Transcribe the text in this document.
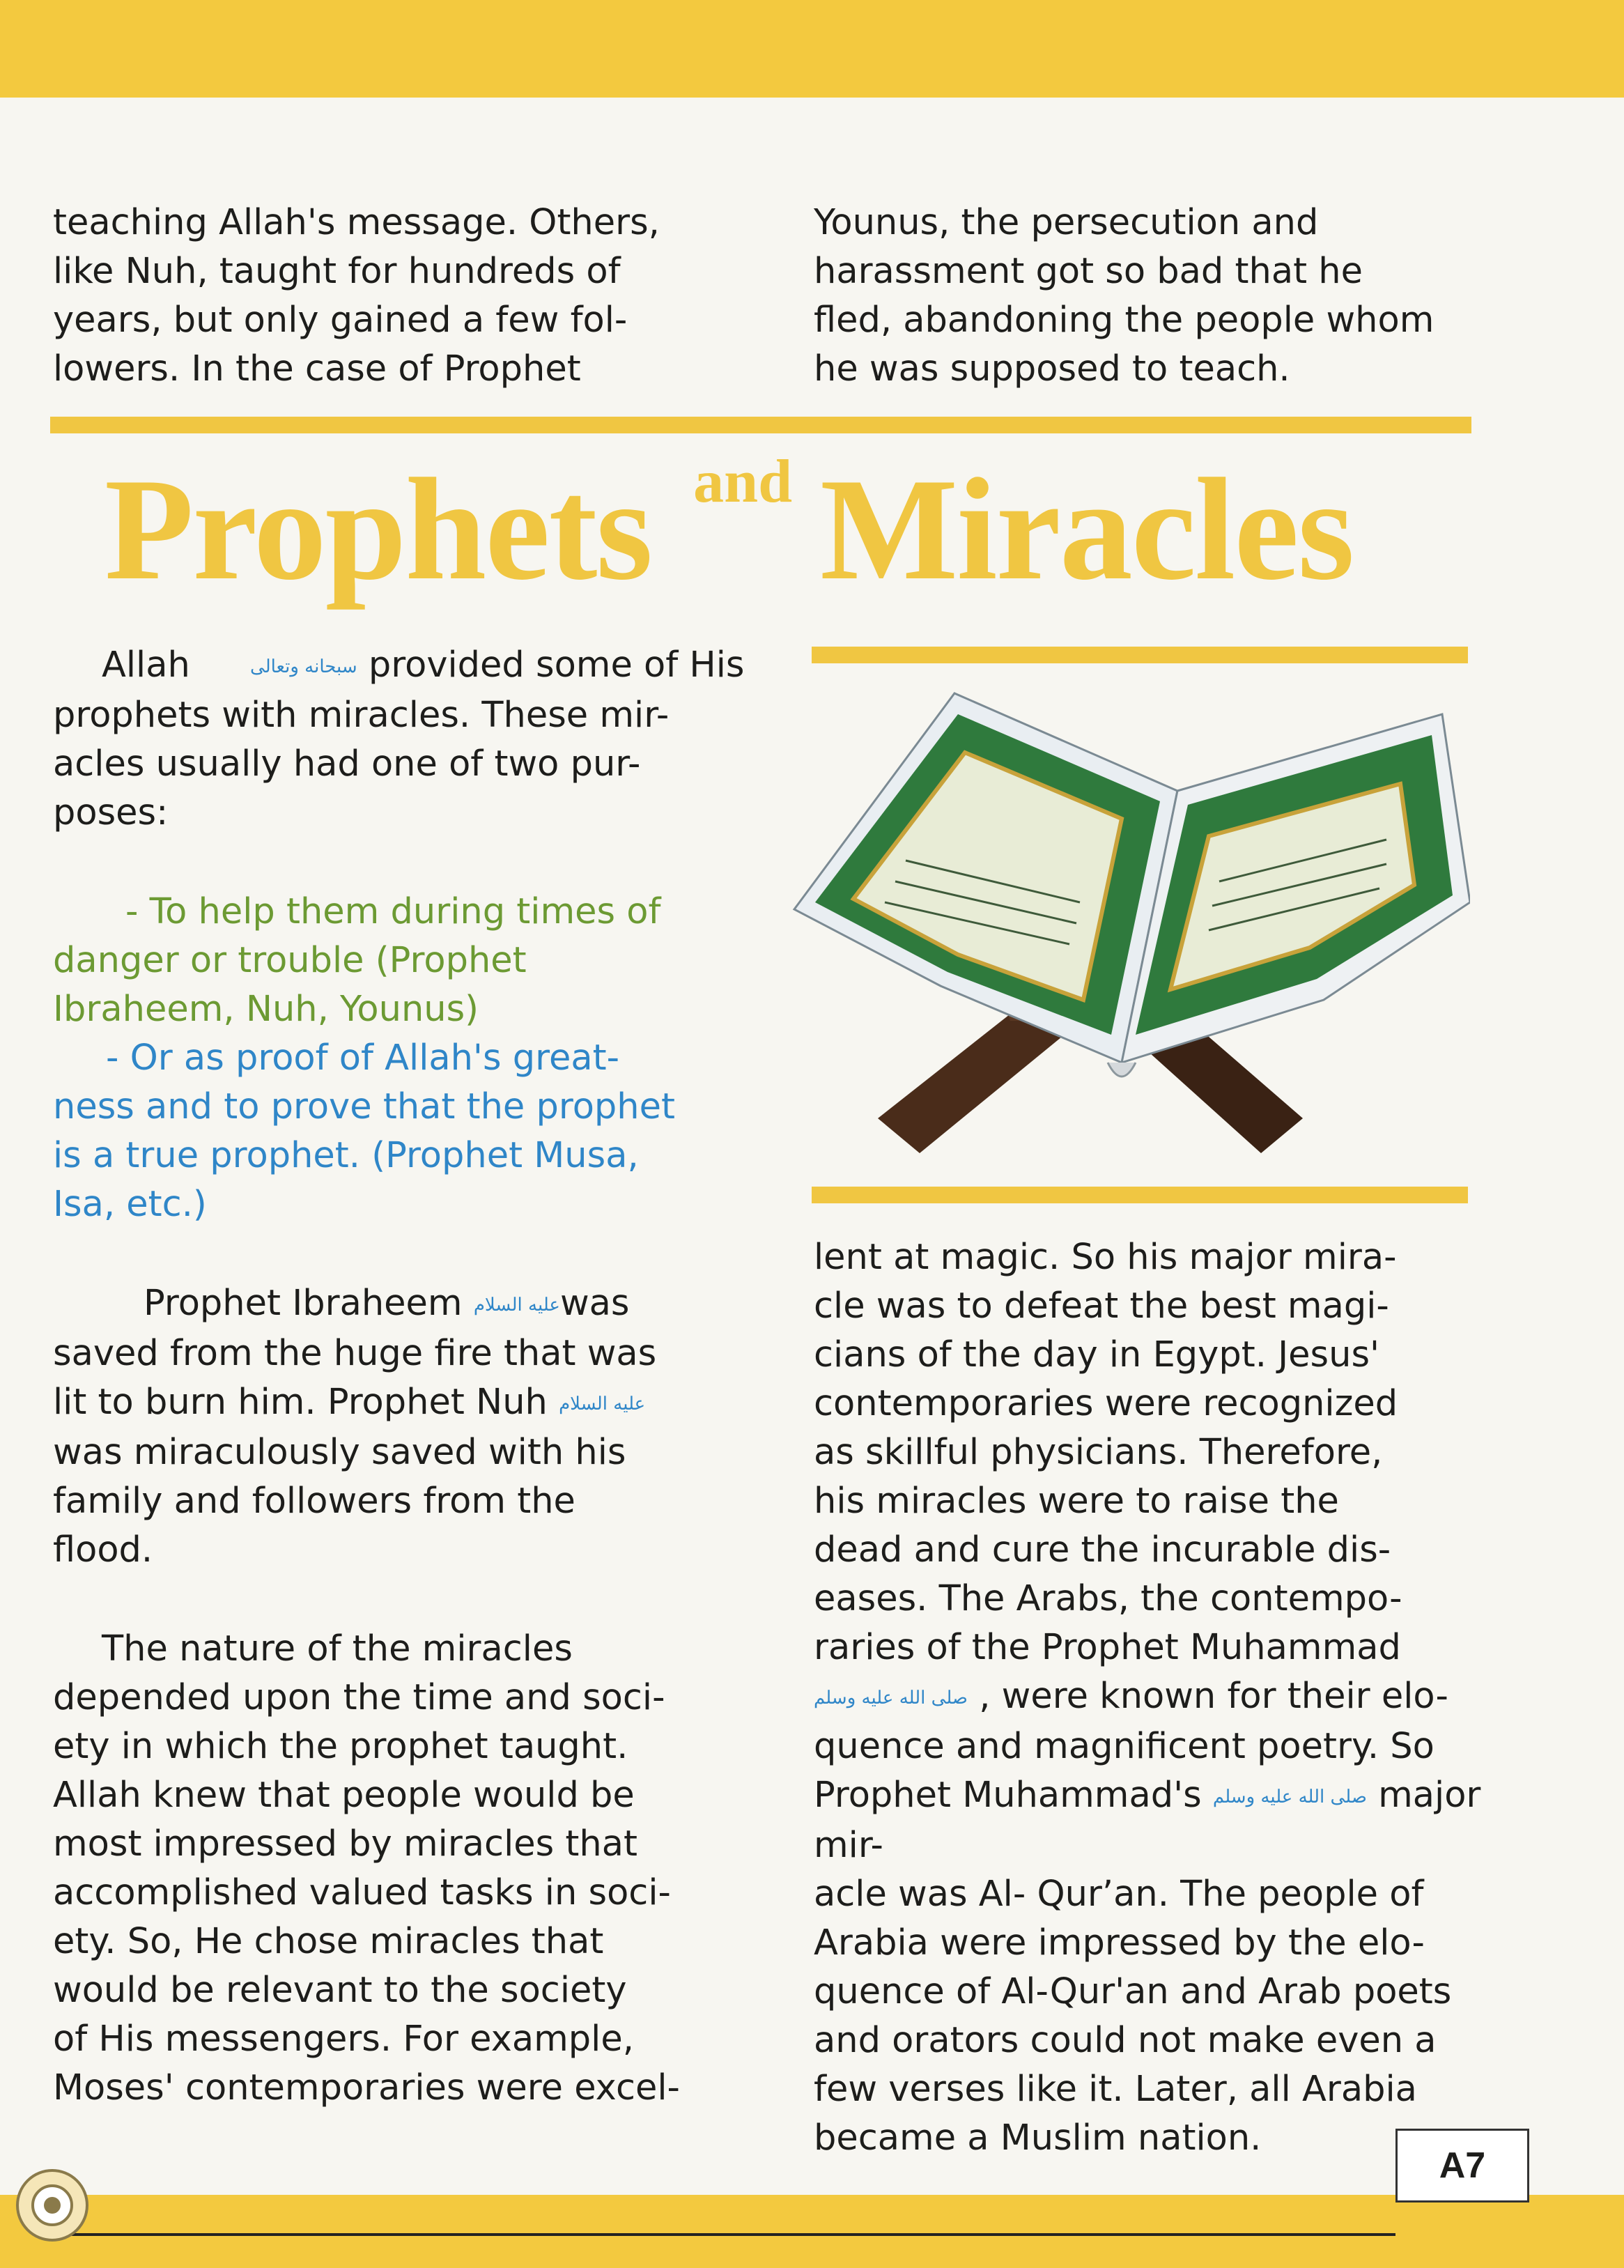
teaching Allah's message. Others,
like Nuh, taught for hundreds of
years, but only gained a few fol-
lowers. In the case of Prophet
Younus, the persecution and
harassment got so bad that he
fled, abandoning the people whom
he was supposed to teach.
Prophets and Miracles
Allah	سبحانه وتعالى provided some of His
prophets with miracles. These mir-
acles usually had one of two pur-
poses:
- To help them during times of
danger or trouble (Prophet
Ibraheem, Nuh, Younus)
- Or as proof of Allah's great-
ness and to prove that the prophet
is a true prophet. (Prophet Musa,
Isa, etc.)
Prophet Ibraheem عليه السلامwas
saved from the huge fire that was
lit to burn him. Prophet Nuh عليه السلام
was miraculously saved with his
family and followers from the
flood.
The nature of the miracles
depended upon the time and soci-
ety in which the prophet taught.
Allah knew that people would be
most impressed by miracles that
accomplished valued tasks in soci-
ety. So, He chose miracles that
would be relevant to the society
of His messengers. For example,
Moses' contemporaries were excel-
lent at magic. So his major mira-
cle was to defeat the best magi-
cians of the day in Egypt. Jesus'
contemporaries were recognized
as skillful physicians. Therefore,
his miracles were to raise the
dead and cure the incurable dis-
eases. The Arabs, the contempo-
raries of the Prophet Muhammad
صلى الله عليه وسلم , were known for their elo-
quence and magnificent poetry. So
Prophet Muhammad's صلى الله عليه وسلم major mir-
acle was Al- Qur’an. The people of
Arabia were impressed by the elo-
quence of Al-Qur'an and Arab poets
and orators could not make even a
few verses like it. Later, all Arabia
became a Muslim nation.
A7
